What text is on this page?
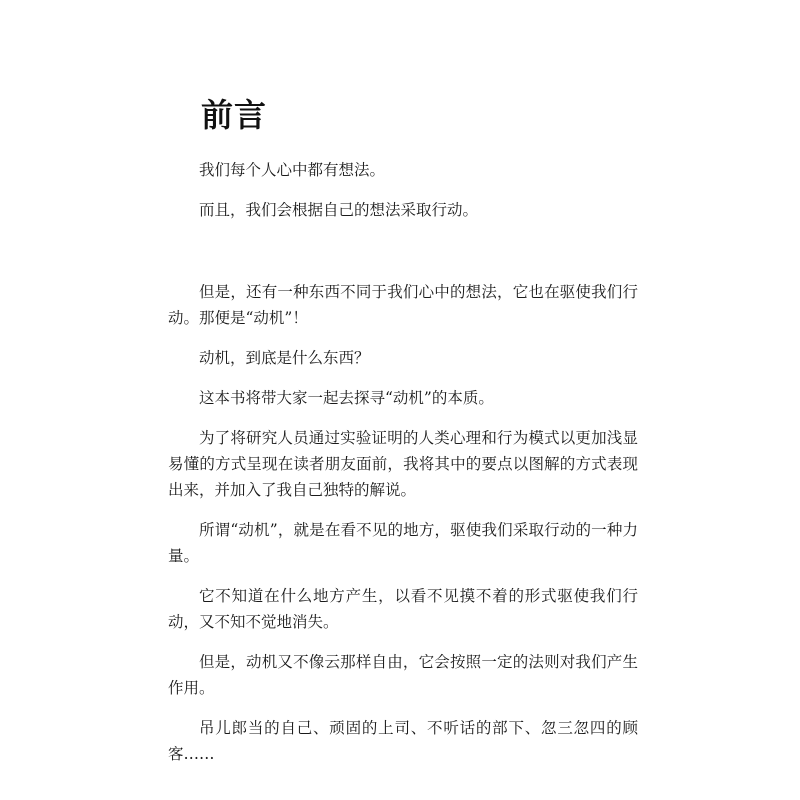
前言

我们每个人心中都有想法。

而且，我们会根据自己的想法采取行动。

但是，还有一种东西不同于我们心中的想法，它也在驱使我们行动。那便是“动机”！

动机，到底是什么东西？

这本书将带大家一起去探寻“动机”的本质。

为了将研究人员通过实验证明的人类心理和行为模式以更加浅显易懂的方式呈现在读者朋友面前，我将其中的要点以图解的方式表现出来，并加入了我自己独特的解说。

所谓“动机”，就是在看不见的地方，驱使我们采取行动的一种力量。

它不知道在什么地方产生，以看不见摸不着的形式驱使我们行动，又不知不觉地消失。

但是，动机又不像云那样自由，它会按照一定的法则对我们产生作用。

吊儿郎当的自己、顽固的上司、不听话的部下、忽三忽四的顾客……
